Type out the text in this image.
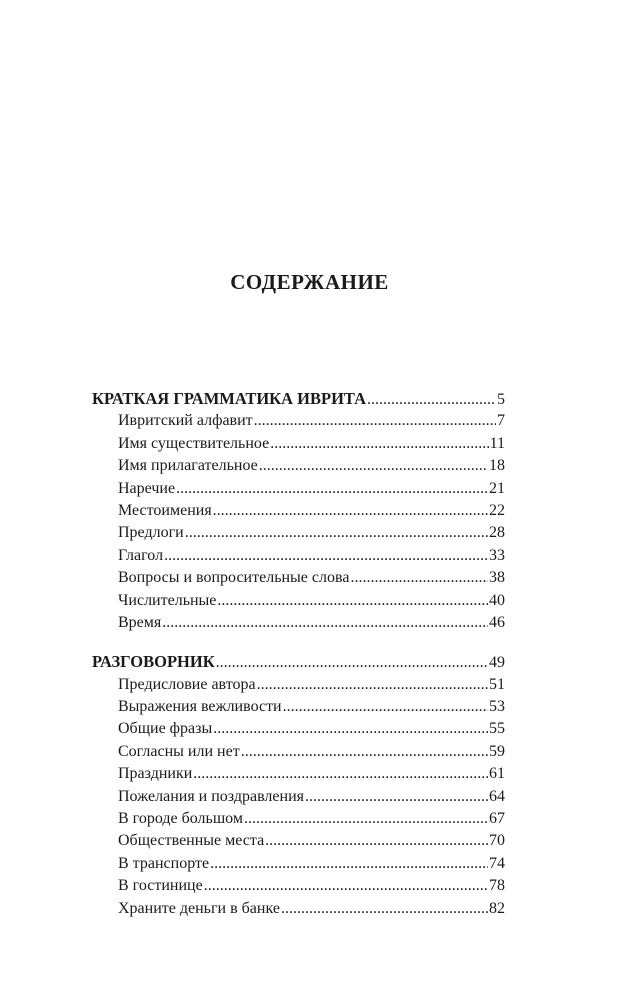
СОДЕРЖАНИЕ
КРАТКАЯ ГРАММАТИКА ИВРИТА .....	5
Ивритский алфавит .....	7
Имя существительное .....	11
Имя прилагательное .....	18
Наречие .....	21
Местоимения .....	22
Предлоги .....	28
Глагол .....	33
Вопросы и вопросительные слова .....	38
Числительные .....	40
Время .....	46
РАЗГОВОРНИК .....	49
Предисловие автора .....	51
Выражения вежливости .....	53
Общие фразы .....	55
Согласны или нет .....	59
Праздники .....	61
Пожелания и поздравления .....	64
В городе большом .....	67
Общественные места .....	70
В транспорте .....	74
В гостинице .....	78
Храните деньги в банке .....	82
